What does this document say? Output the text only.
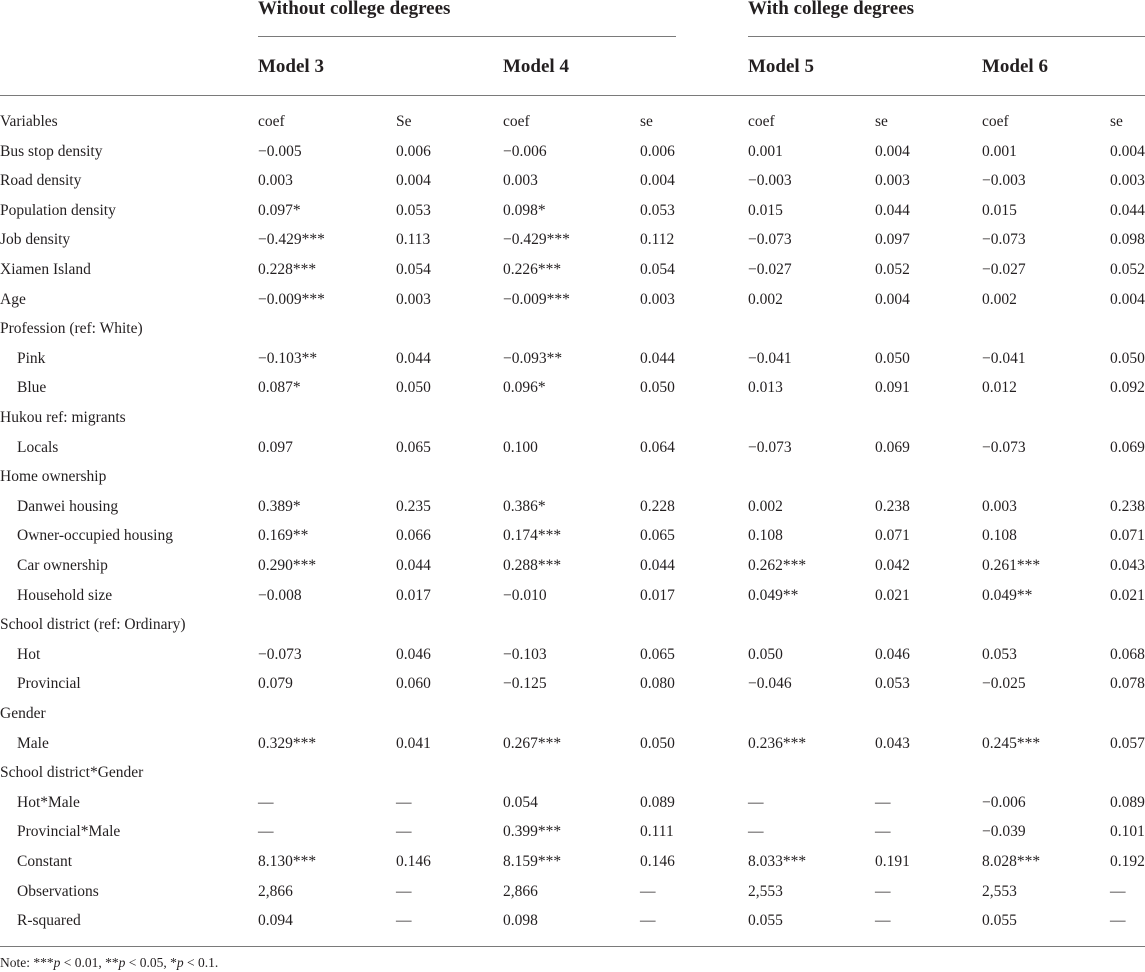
Without college degrees	With college degrees
Model 3	Model 4	Model 5	Model 6
Variables	coef	Se	coef	se	coef	se	coef	se
Bus stop density	−0.005	0.006	−0.006	0.006	0.001	0.004	0.001	0.004
Road density	0.003	0.004	0.003	0.004	−0.003	0.003	−0.003	0.003
Population density	0.097*	0.053	0.098*	0.053	0.015	0.044	0.015	0.044
Job density	−0.429***	0.113	−0.429***	0.112	−0.073	0.097	−0.073	0.098
Xiamen Island	0.228***	0.054	0.226***	0.054	−0.027	0.052	−0.027	0.052
Age	−0.009***	0.003	−0.009***	0.003	0.002	0.004	0.002	0.004
Profession (ref: White)
Pink	−0.103**	0.044	−0.093**	0.044	−0.041	0.050	−0.041	0.050
Blue	0.087*	0.050	0.096*	0.050	0.013	0.091	0.012	0.092
Hukou ref: migrants
Locals	0.097	0.065	0.100	0.064	−0.073	0.069	−0.073	0.069
Home ownership
Danwei housing	0.389*	0.235	0.386*	0.228	0.002	0.238	0.003	0.238
Owner-occupied housing	0.169**	0.066	0.174***	0.065	0.108	0.071	0.108	0.071
Car ownership	0.290***	0.044	0.288***	0.044	0.262***	0.042	0.261***	0.043
Household size	−0.008	0.017	−0.010	0.017	0.049**	0.021	0.049**	0.021
School district (ref: Ordinary)
Hot	−0.073	0.046	−0.103	0.065	0.050	0.046	0.053	0.068
Provincial	0.079	0.060	−0.125	0.080	−0.046	0.053	−0.025	0.078
Gender
Male	0.329***	0.041	0.267***	0.050	0.236***	0.043	0.245***	0.057
School district*Gender
Hot*Male	—	—	0.054	0.089	—	—	−0.006	0.089
Provincial*Male	—	—	0.399***	0.111	—	—	−0.039	0.101
Constant	8.130***	0.146	8.159***	0.146	8.033***	0.191	8.028***	0.192
Observations	2,866	—	2,866	—	2,553	—	2,553	—
R-squared	0.094	—	0.098	—	0.055	—	0.055	—
Note: ***p < 0.01, **p < 0.05, *p < 0.1.
